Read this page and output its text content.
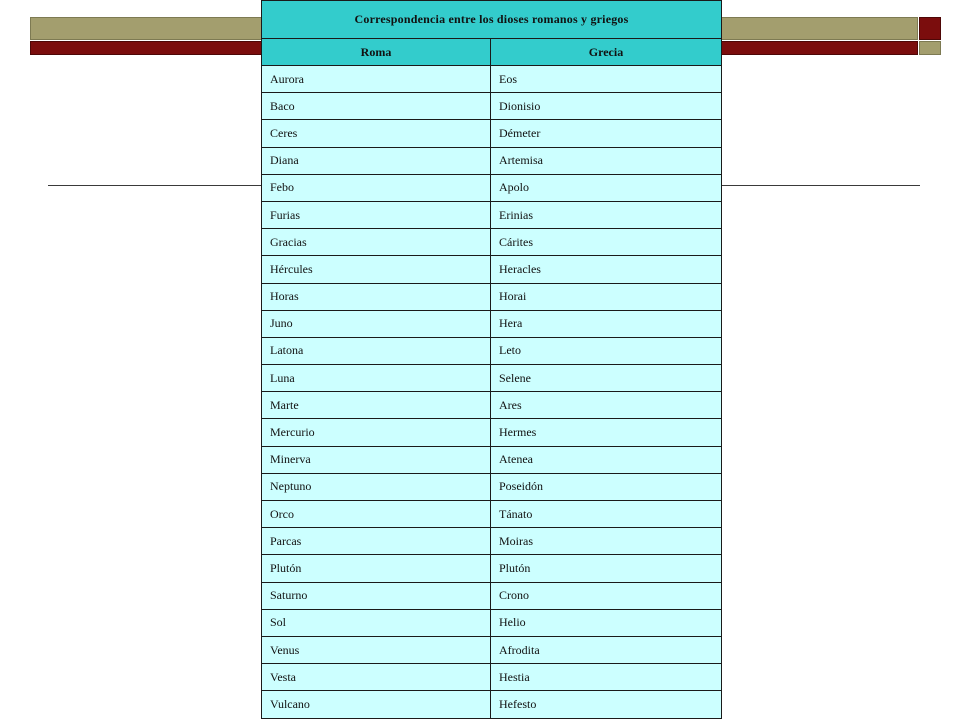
Correspondencia entre los dioses romanos y griegos	
Roma	Grecia
Aurora	Eos
Baco	Dionisio
Ceres	Démeter
Diana	Artemisa
Febo	Apolo
Furias	Erinias
Gracias	Cárites
Hércules	Heracles
Horas	Horai
Juno	Hera
Latona	Leto
Luna	Selene
Marte	Ares
Mercurio	Hermes
Minerva	Atenea
Neptuno	Poseidón
Orco	Tánato
Parcas	Moiras
Plutón	Plutón
Saturno	Crono
Sol	Helio
Venus	Afrodita
Vesta	Hestia
Vulcano	Hefesto
